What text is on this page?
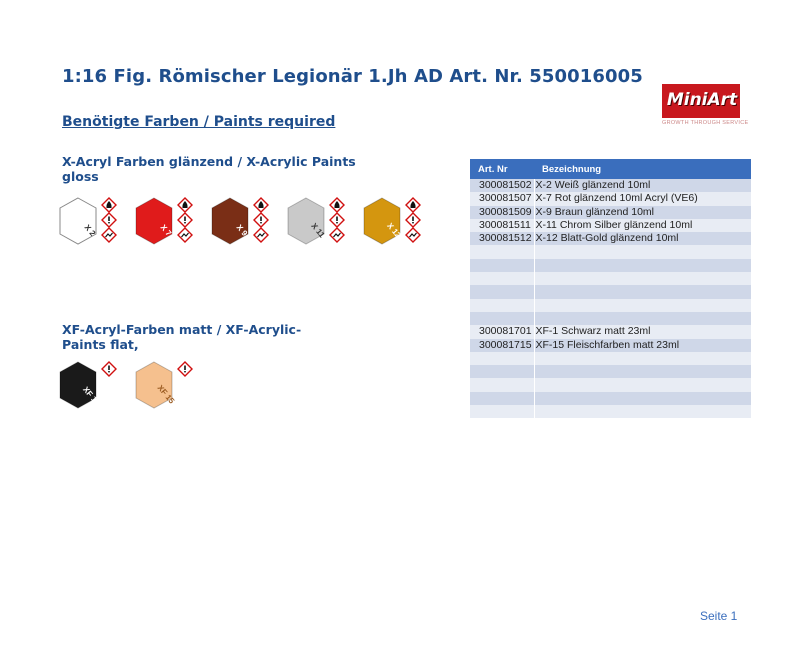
1:16 Fig. Römischer Legionär 1.Jh AD Art. Nr. 550016005
Benötigte Farben / Paints required
MiniArt
GROWTH THROUGH SERVICE
X-Acryl Farben glänzend / X-Acrylic Paints
gloss
X 2	X 7	X 9	X 11	X 12
XF-Acryl-Farben matt / XF-Acrylic-
Paints flat,
XF 1	XF 15
Art. Nr	Bezeichnung
300081502	X-2 Weiß glänzend 10ml
300081507	X-7 Rot glänzend 10ml Acryl (VE6)
300081509	X-9 Braun glänzend 10ml
300081511	X-11 Chrom Silber glänzend 10ml
300081512	X-12 Blatt-Gold glänzend 10ml

300081701	XF-1 Schwarz matt 23ml
300081715	XF-15 Fleischfarben matt 23ml

Seite 1
